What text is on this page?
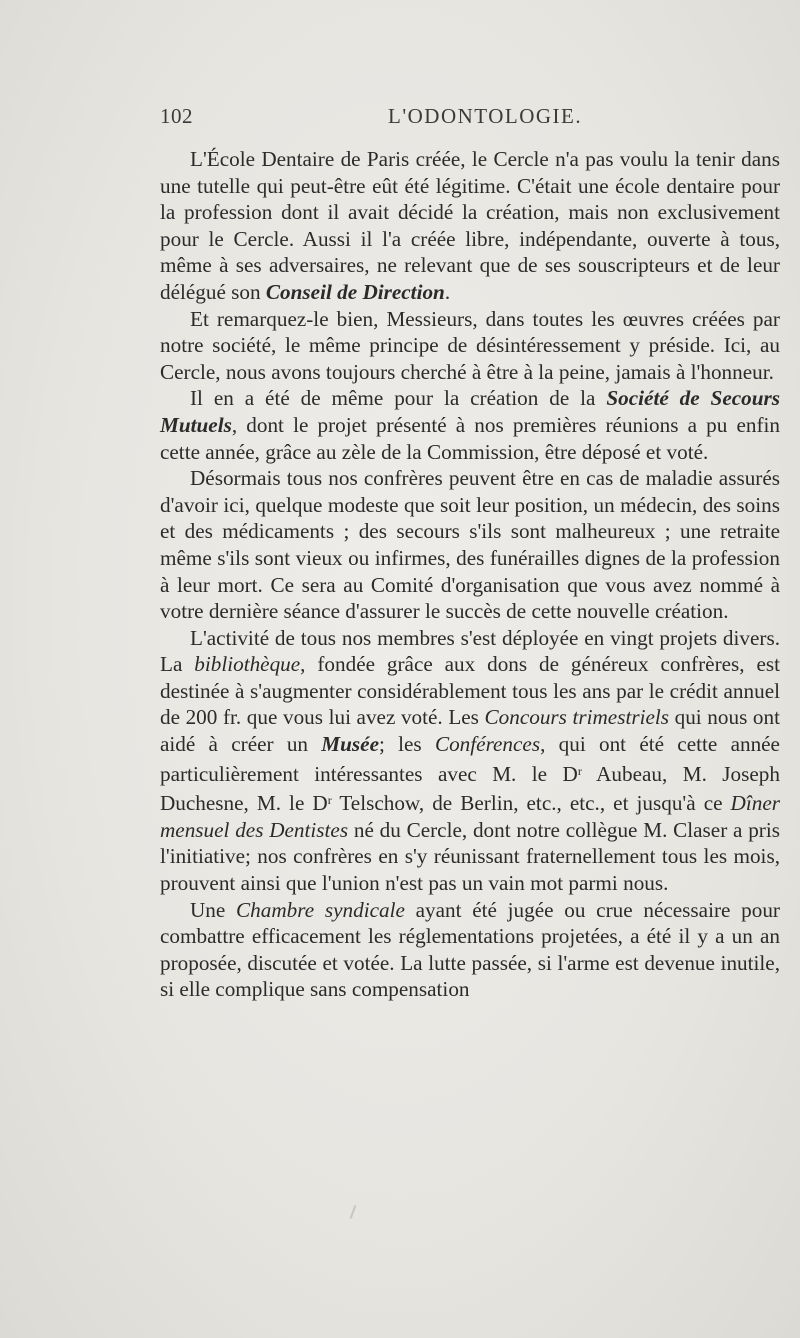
102	L'ODONTOLOGIE.

L'École Dentaire de Paris créée, le Cercle n'a pas voulu la tenir dans une tutelle qui peut-être eût été légitime. C'était une école dentaire pour la profession dont il avait décidé la création, mais non exclusivement pour le Cercle. Aussi il l'a créée libre, indépendante, ouverte à tous, même à ses adversaires, ne relevant que de ses souscripteurs et de leur délégué son Conseil de Direction.

Et remarquez-le bien, Messieurs, dans toutes les œuvres créées par notre société, le même principe de désintéressement y préside. Ici, au Cercle, nous avons toujours cherché à être à la peine, jamais à l'honneur.

Il en a été de même pour la création de la Société de Secours Mutuels, dont le projet présenté à nos premières réunions a pu enfin cette année, grâce au zèle de la Commission, être déposé et voté.

Désormais tous nos confrères peuvent être en cas de maladie assurés d'avoir ici, quelque modeste que soit leur position, un médecin, des soins et des médicaments ; des secours s'ils sont malheureux ; une retraite même s'ils sont vieux ou infirmes, des funérailles dignes de la profession à leur mort. Ce sera au Comité d'organisation que vous avez nommé à votre dernière séance d'assurer le succès de cette nouvelle création.

L'activité de tous nos membres s'est déployée en vingt projets divers. La bibliothèque, fondée grâce aux dons de généreux confrères, est destinée à s'augmenter considérablement tous les ans par le crédit annuel de 200 fr. que vous lui avez voté. Les Concours trimestriels qui nous ont aidé à créer un Musée; les Conférences, qui ont été cette année particulièrement intéressantes avec M. le $D^r$ Aubeau, M. Joseph Duchesne, M. le $D^r$ Telschow, de Berlin, etc., etc., et jusqu'à ce Dîner mensuel des Dentistes né du Cercle, dont notre collègue M. Claser a pris l'initiative; nos confrères en s'y réunissant fraternellement tous les mois, prouvent ainsi que l'union n'est pas un vain mot parmi nous.

Une Chambre syndicale ayant été jugée ou crue nécessaire pour combattre efficacement les réglementations projetées, a été il y a un an proposée, discutée et votée. La lutte passée, si l'arme est devenue inutile, si elle complique sans compensation
